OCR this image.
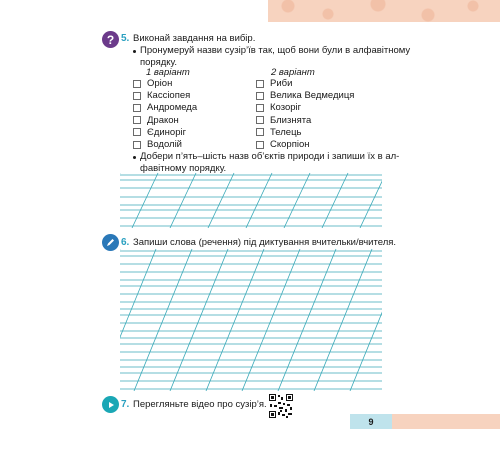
? 5. Виконай завдання на вибір.
Пронумеруй назви сузір’їв так, щоб вони були в алфавітному
порядку.
1 варіант	2 варіант
Оріон
Кассіопея
Андромеда
Дракон
Єдиноріг
Водолій
Риби
Велика Ведмедиця
Козоріг
Близнята
Телець
Скорпіон
Добери п’ять–шість назв об’єктів природи і запиши їх в ал-
фавітному порядку.
6. Запиши слова (речення) під диктування вчительки/вчителя.
7. Перегляньте відео про сузір’я.
9
